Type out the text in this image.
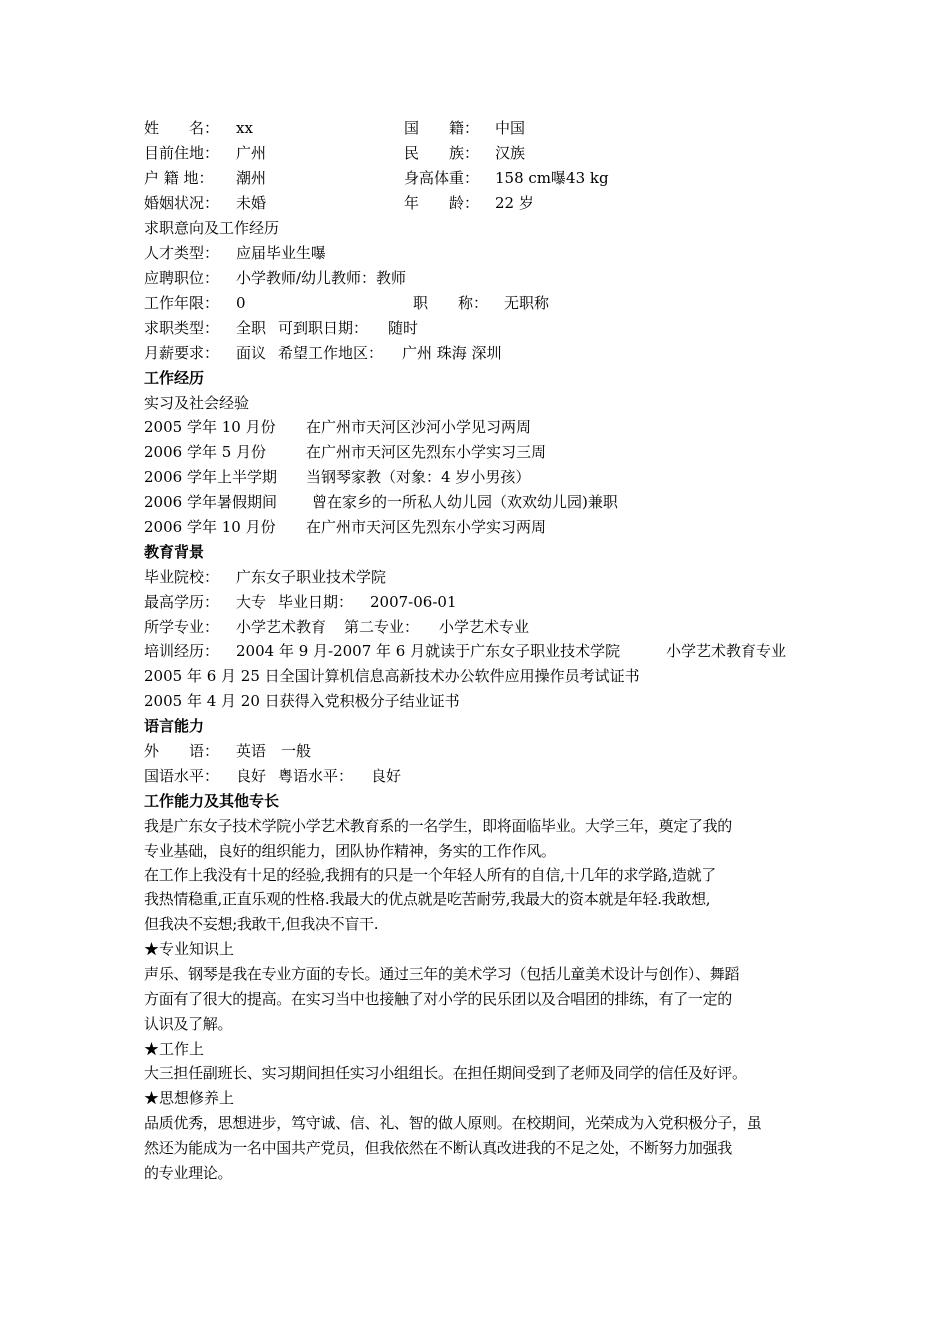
姓　　名： xx	国　　籍： 中国
目前住地： 广州	民　　族： 汉族
户 籍 地： 潮州	身高体重： 158 cm嚗43 kg
婚姻状况： 未婚	年　　龄： 22 岁
求职意向及工作经历
人才类型： 应届毕业生嚗
应聘职位： 小学教师/幼儿教师：教师
工作年限： 0	职　　称： 无职称
求职类型： 全职 可到职日期： 随时
月薪要求： 面议 希望工作地区： 广州 珠海 深圳
工作经历
实习及社会经验
2005 学年 10 月份 在广州市天河区沙河小学见习两周
2006 学年 5 月份	在广州市天河区先烈东小学实习三周
2006 学年上半学期 当钢琴家教（对象：4 岁小男孩）
2006 学年暑假期间 曾在家乡的一所私人幼儿园（欢欢幼儿园)兼职
2006 学年 10 月份 在广州市天河区先烈东小学实习两周
教育背景
毕业院校： 广东女子职业技术学院
最高学历： 大专 毕业日期： 2007-06-01
所学专业： 小学艺术教育 第二专业： 小学艺术专业
培训经历： 2004 年 9 月-2007 年 6 月就读于广东女子职业技术学院	小学艺术教育专业
2005 年 6 月 25 日全国计算机信息高新技术办公软件应用操作员考试证书
2005 年 4 月 20 日获得入党积极分子结业证书
语言能力
外　　语： 英语　一般
国语水平： 良好 粤语水平： 良好
工作能力及其他专长
我是广东女子技术学院小学艺术教育系的一名学生，即将面临毕业。大学三年，奠定了我的
专业基础，良好的组织能力，团队协作精神，务实的工作作风。
在工作上我没有十足的经验,我拥有的只是一个年轻人所有的自信,十几年的求学路,造就了
我热情稳重,正直乐观的性格.我最大的优点就是吃苦耐劳,我最大的资本就是年轻.我敢想,
但我决不妄想;我敢干,但我决不盲干.
★专业知识上
声乐、钢琴是我在专业方面的专长。通过三年的美术学习（包括儿童美术设计与创作）、舞蹈
方面有了很大的提高。在实习当中也接触了对小学的民乐团以及合唱团的排练，有了一定的
认识及了解。
★工作上
大三担任副班长、实习期间担任实习小组组长。在担任期间受到了老师及同学的信任及好评。
★思想修养上
品质优秀，思想进步，笃守诚、信、礼、智的做人原则。在校期间，光荣成为入党积极分子，虽
然还为能成为一名中国共产党员，但我依然在不断认真改进我的不足之处，不断努力加强我
的专业理论。
